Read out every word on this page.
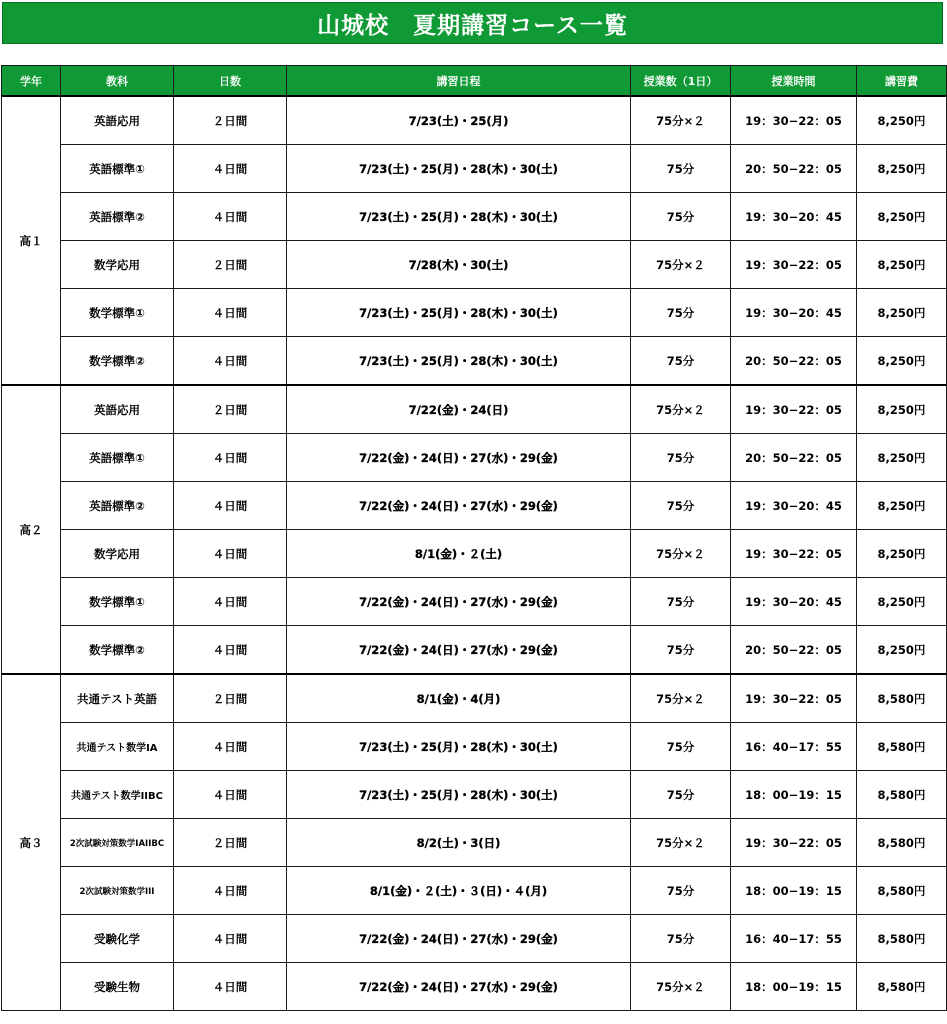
山城校　夏期講習コース一覧
学年	教科	日数	講習日程	授業数（1日）	授業時間	講習費
高１	英語応用	２日間	7/23(土)・25(月)	75分×２	19：30−22：05	8,250円
	英語標準①	４日間	7/23(土)・25(月)・28(木)・30(土)	75分	20：50−22：05	8,250円
	英語標準②	４日間	7/23(土)・25(月)・28(木)・30(土)	75分	19：30−20：45	8,250円
	数学応用	２日間	7/28(木)・30(土)	75分×２	19：30−22：05	8,250円
	数学標準①	４日間	7/23(土)・25(月)・28(木)・30(土)	75分	19：30−20：45	8,250円
	数学標準②	４日間	7/23(土)・25(月)・28(木)・30(土)	75分	20：50−22：05	8,250円
高２	英語応用	２日間	7/22(金)・24(日)	75分×２	19：30−22：05	8,250円
	英語標準①	４日間	7/22(金)・24(日)・27(水)・29(金)	75分	20：50−22：05	8,250円
	英語標準②	４日間	7/22(金)・24(日)・27(水)・29(金)	75分	19：30−20：45	8,250円
	数学応用	４日間	8/1(金)・２(土)	75分×２	19：30−22：05	8,250円
	数学標準①	４日間	7/22(金)・24(日)・27(水)・29(金)	75分	19：30−20：45	8,250円
	数学標準②	４日間	7/22(金)・24(日)・27(水)・29(金)	75分	20：50−22：05	8,250円
高３	共通テスト英語	２日間	8/1(金)・4(月)	75分×２	19：30−22：05	8,580円
	共通テスト数学IA	４日間	7/23(土)・25(月)・28(木)・30(土)	75分	16：40−17：55	8,580円
	共通テスト数学IIBC	４日間	7/23(土)・25(月)・28(木)・30(土)	75分	18：00−19：15	8,580円
	2次試験対策数学IAIIBC	２日間	8/2(土)・3(日)	75分×２	19：30−22：05	8,580円
	2次試験対策数学III	４日間	8/1(金)・２(土)・３(日)・４(月)	75分	18：00−19：15	8,580円
	受験化学	４日間	7/22(金)・24(日)・27(水)・29(金)	75分	16：40−17：55	8,580円
	受験生物	４日間	7/22(金)・24(日)・27(水)・29(金)	75分×２	18：00−19：15	8,580円
